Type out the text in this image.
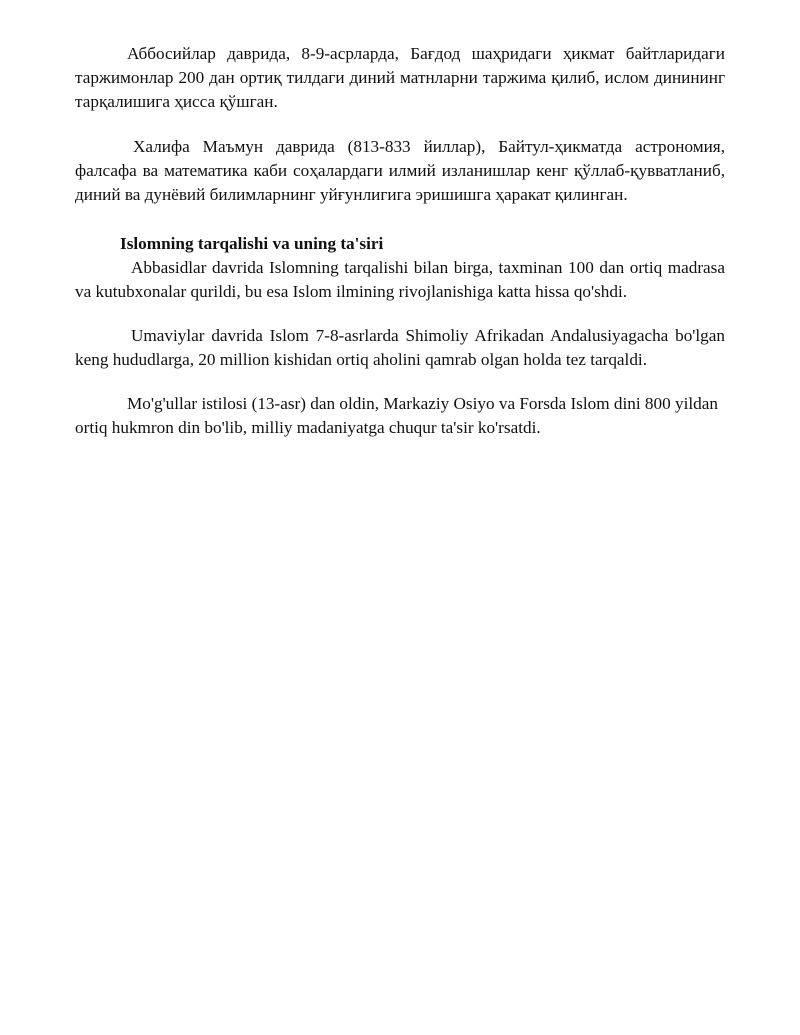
Аббосийлар даврида, 8-9-асрларда, Бағдод шаҳридаги ҳикмат байтларидаги таржимонлар 200 дан ортиқ тилдаги диний матнларни таржима қилиб, ислом динининг тарқалишига ҳисса қўшган.

Халифа Маъмун даврида (813-833 йиллар), Байтул-ҳикматда астрономия, фалсафа ва математика каби соҳалардаги илмий изланишлар кенг қўллаб-қувватланиб, диний ва дунёвий билимларнинг уйғунлигига эришишга ҳаракат қилинган.

Islomning tarqalishi va uning ta'siri

Abbasidlar davrida Islomning tarqalishi bilan birga, taxminan 100 dan ortiq madrasa va kutubxonalar qurildi, bu esa Islom ilmining rivojlanishiga katta hissa qo'shdi.

Umaviylar davrida Islom 7-8-asrlarda Shimoliy Afrikadan Andalusiyagacha bo'lgan keng hududlarga, 20 million kishidan ortiq aholini qamrab olgan holda tez tarqaldi.

Mo'g'ullar istilosi (13-asr) dan oldin, Markaziy Osiyo va Forsda Islom dini 800 yildan ortiq hukmron din bo'lib, milliy madaniyatga chuqur ta'sir ko'rsatdi.
